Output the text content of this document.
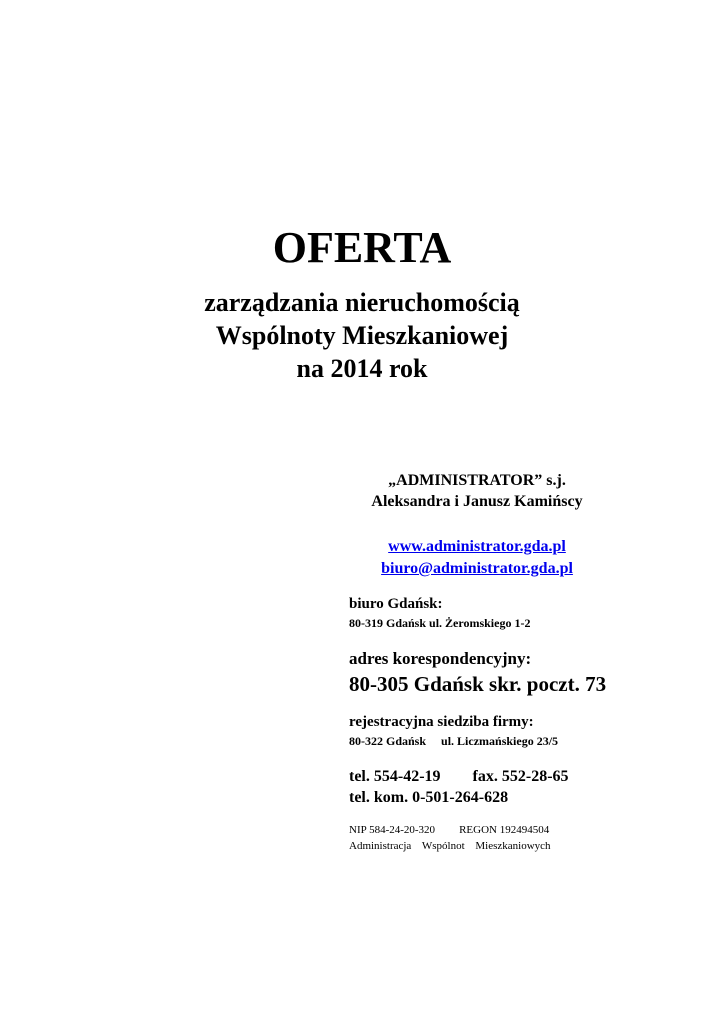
OFERTA
zarządzania nieruchomością
Wspólnoty Mieszkaniowej
na 2014 rok
„ADMINISTRATOR” s.j.
Aleksandra i Janusz Kamińscy
www.administrator.gda.pl
biuro@administrator.gda.pl
biuro Gdańsk:
80-319 Gdańsk ul. Żeromskiego 1-2
adres korespondencyjny:
80-305 Gdańsk skr. poczt. 73
rejestracyjna siedziba firmy:
80-322 Gdańsk     ul. Liczmańskiego 23/5
tel. 554-42-19 fax. 552-28-65
tel. kom. 0-501-264-628
NIP 584-24-20-320 REGON 192494504
Administracja Wspólnot Mieszkaniowych
